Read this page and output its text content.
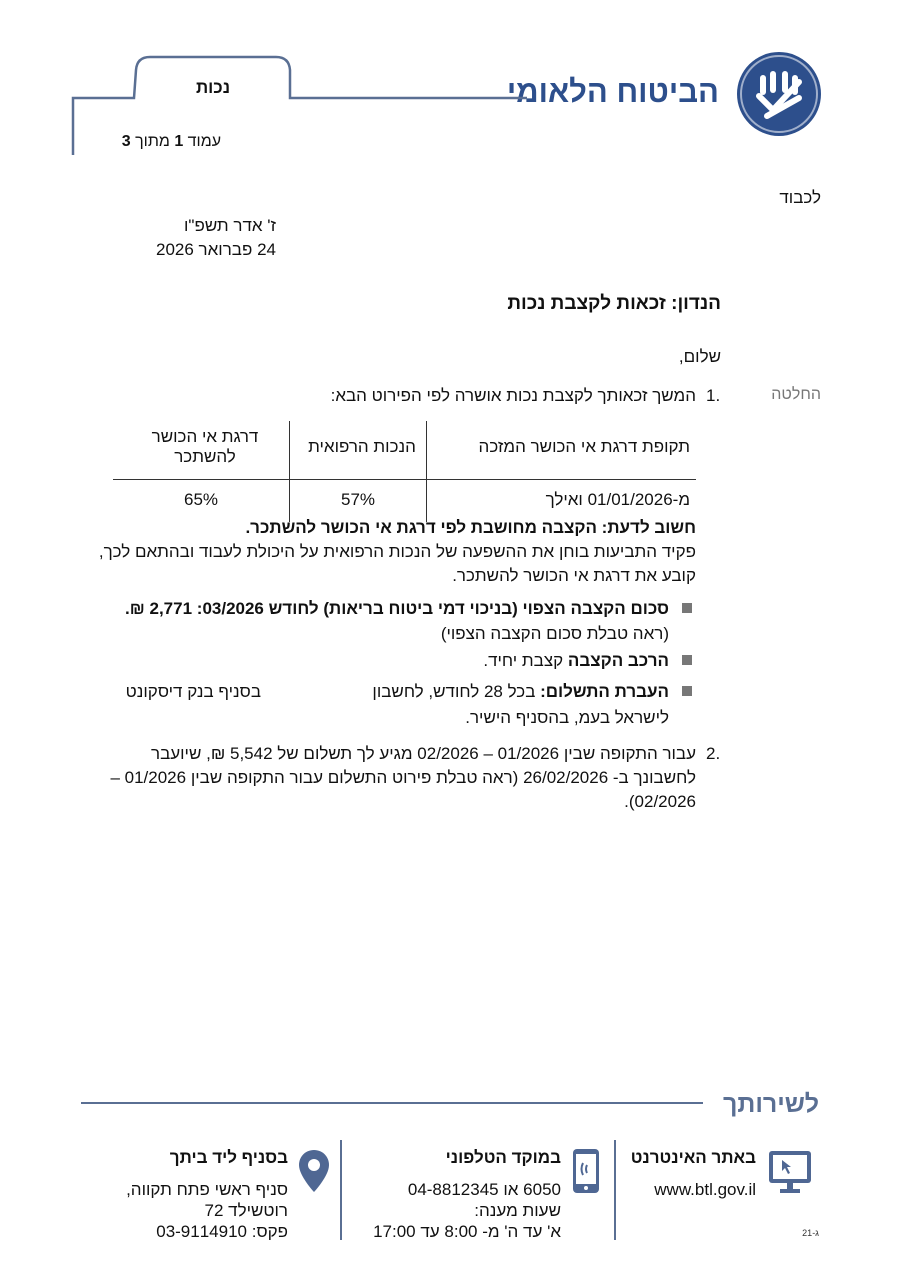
הביטוח הלאומי
נכות
עמוד 1 מתוך 3
לכבוד
ז' אדר תשפ"ו
24 פברואר 2026
הנדון: זכאות לקצבת נכות
שלום,
החלטה
1.
המשך זכאותך לקצבת נכות אושרה לפי הפירוט הבא:
תקופת דרגת אי הכושר המזכה	הנכות הרפואית	דרגת אי הכושר להשתכר
מ-01/01/2026 ואילך	57%	65%
חשוב לדעת: הקצבה מחושבת לפי דרגת אי הכושר להשתכר.
פקיד התביעות בוחן את ההשפעה של הנכות הרפואית על היכולת לעבוד ובהתאם לכך,
קובע את דרגת אי הכושר להשתכר.
סכום הקצבה הצפוי (בניכוי דמי ביטוח בריאות) לחודש 03/2026: 2,771 ₪.
(ראה טבלת סכום הקצבה הצפוי)
הרכב הקצבה קצבת יחיד.
העברת התשלום: בכל 28 לחודש, לחשבון
בסניף בנק דיסקונט
לישראל בעמ, בהסניף הישיר.
2.
עבור התקופה שבין 01/2026 – 02/2026 מגיע לך תשלום של 5,542 ₪, שיועבר
לחשבונך ב- 26/02/2026 (ראה טבלת פירוט התשלום עבור התקופה שבין 01/2026 –
02/2026).
לשירותך
באתר האינטרנט
www.btl.gov.il
במוקד הטלפוני
6050 או 04-8812345
שעות מענה:
א' עד ה' מ- 8:00 עד 17:00
בסניף ליד ביתך
סניף ראשי פתח תקווה,
רוטשילד 72
פקס: 03-9114910	ג-21
